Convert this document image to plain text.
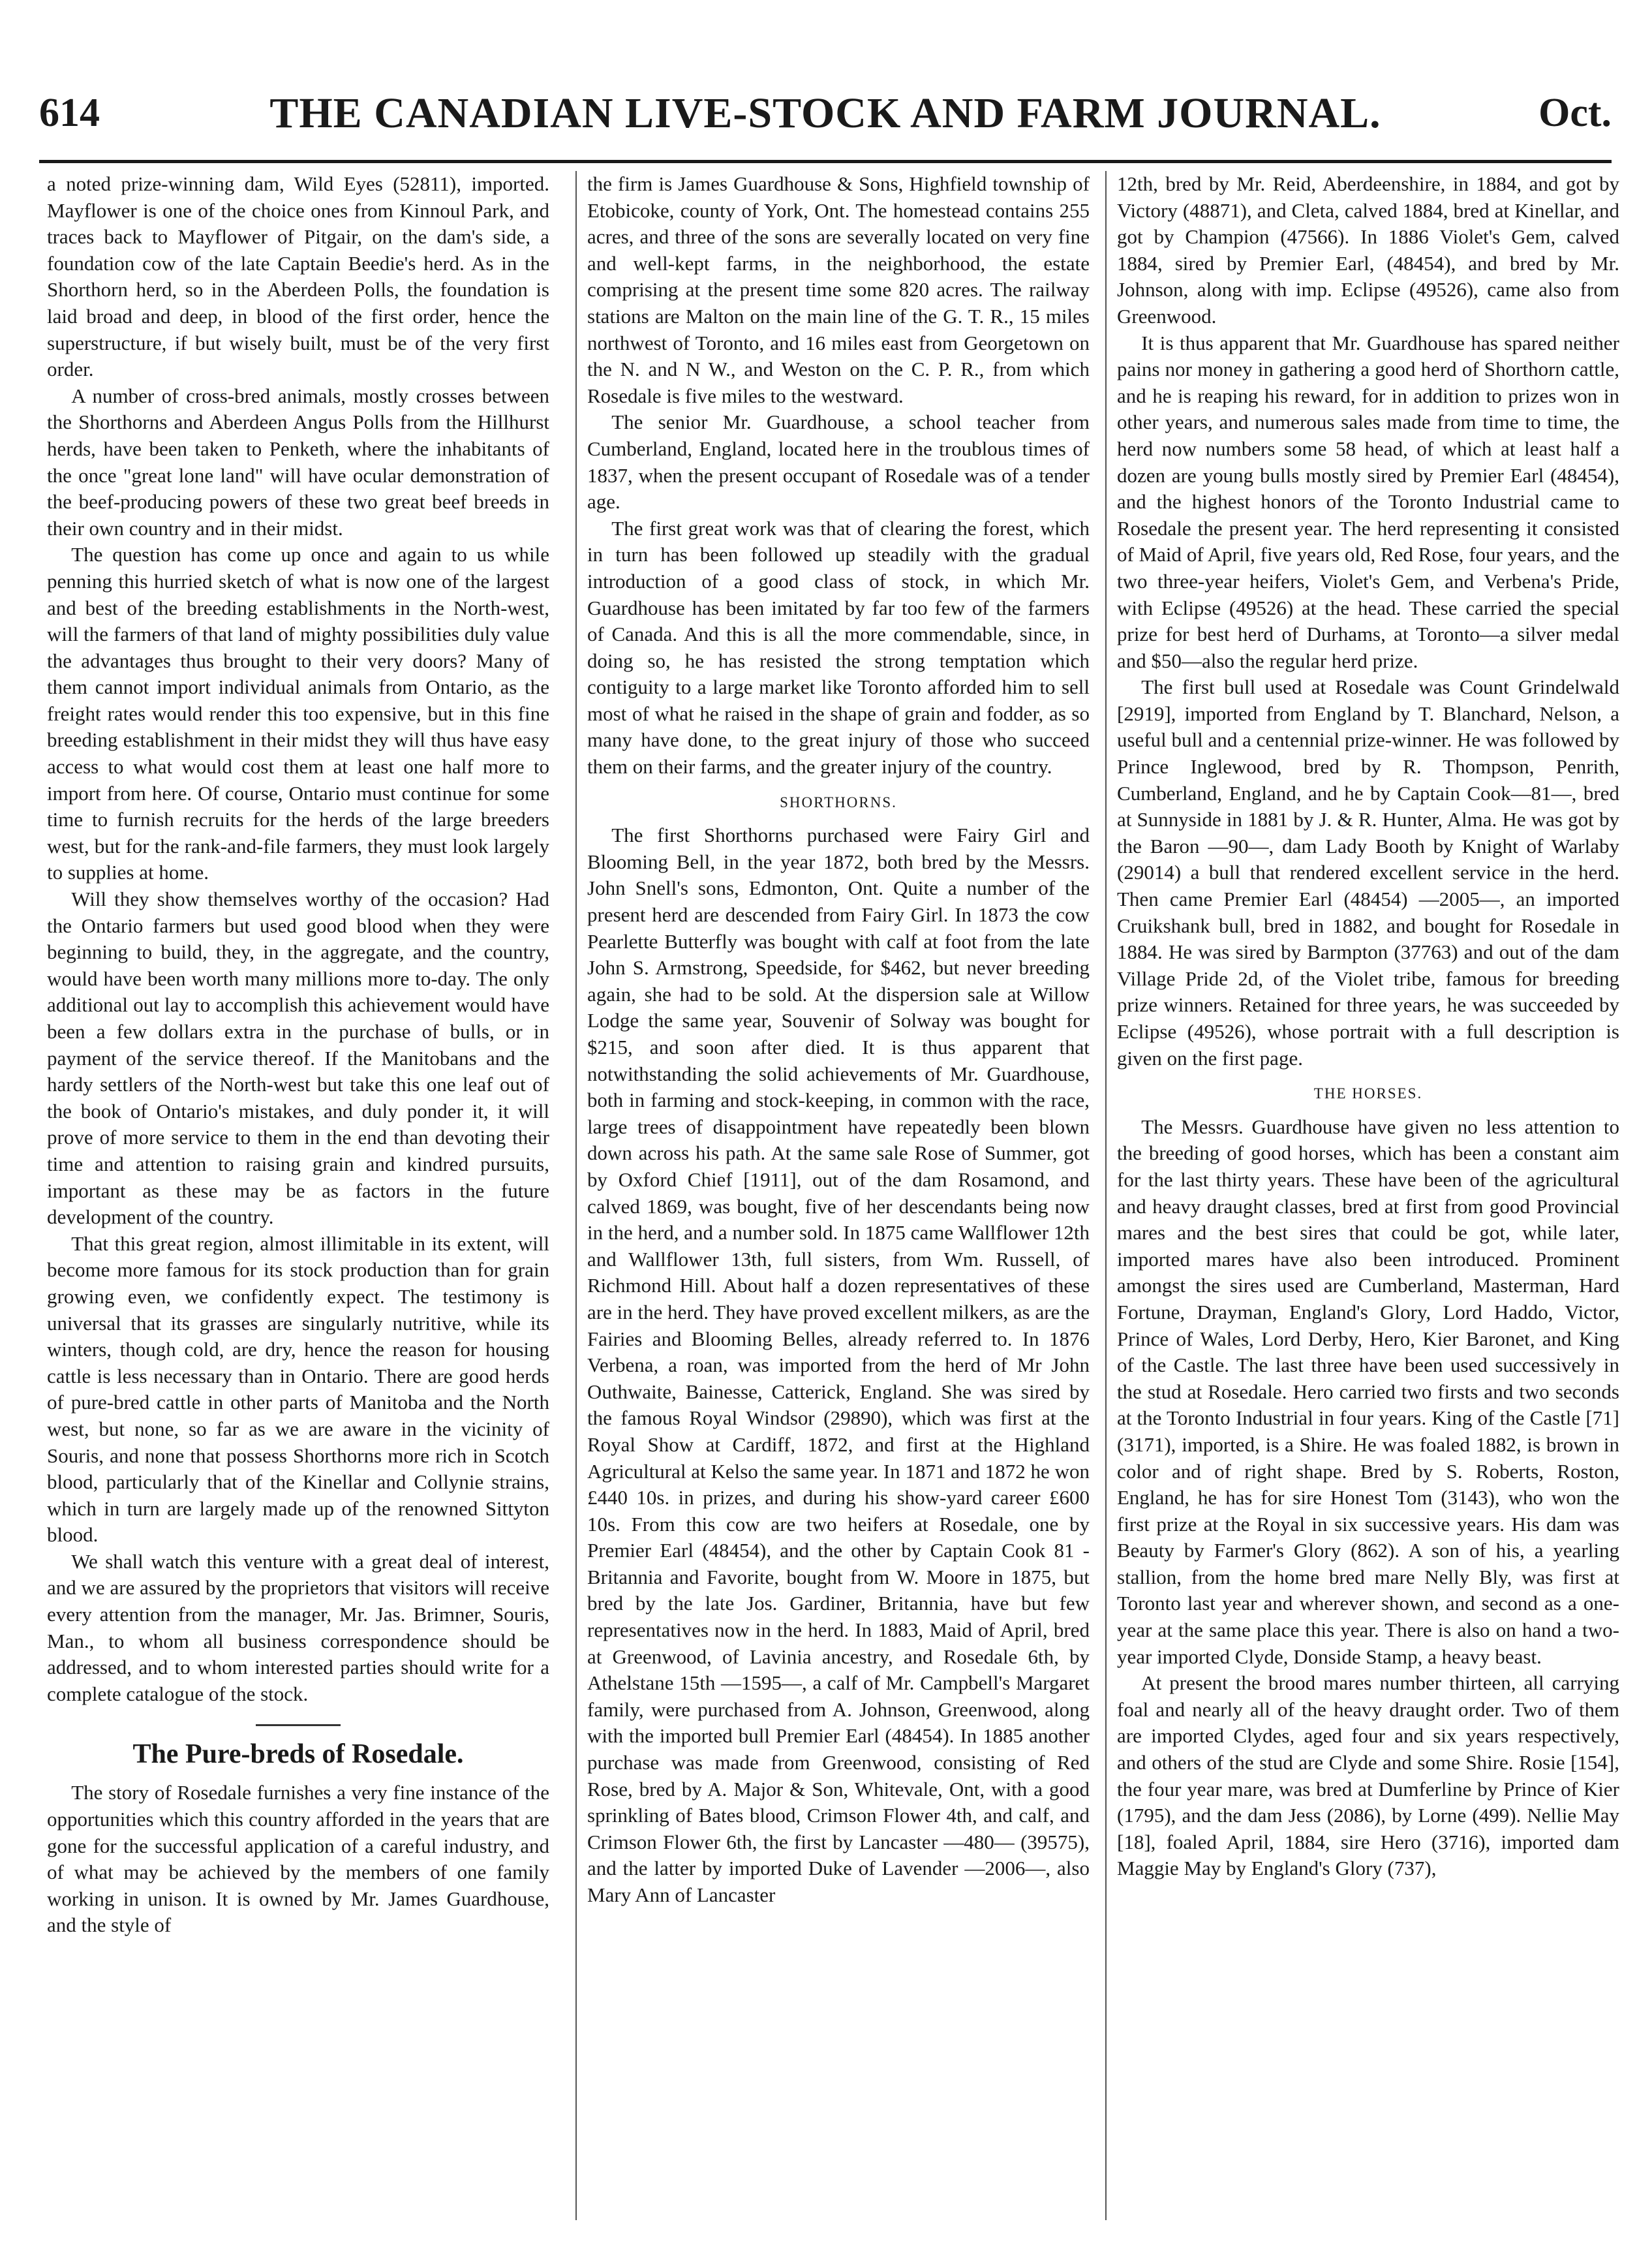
614	THE CANADIAN LIVE-STOCK AND FARM JOURNAL.	Oct.

a noted prize-winning dam, Wild Eyes (52811), imported. Mayflower is one of the choice ones from Kinnoul Park, and traces back to Mayflower of Pitgair, on the dam's side, a foundation cow of the late Captain Beedie's herd. As in the Shorthorn herd, so in the Aberdeen Polls, the foundation is laid broad and deep, in blood of the first order, hence the superstructure, if but wisely built, must be of the very first order.

A number of cross-bred animals, mostly crosses between the Shorthorns and Aberdeen Angus Polls from the Hillhurst herds, have been taken to Penketh, where the inhabitants of the once "great lone land" will have ocular demonstration of the beef-producing powers of these two great beef breeds in their own country and in their midst.

The question has come up once and again to us while penning this hurried sketch of what is now one of the largest and best of the breeding establishments in the North-west, will the farmers of that land of mighty possibilities duly value the advantages thus brought to their very doors? Many of them cannot import individual animals from Ontario, as the freight rates would render this too expensive, but in this fine breeding establishment in their midst they will thus have easy access to what would cost them at least one half more to import from here. Of course, Ontario must continue for some time to furnish recruits for the herds of the large breeders west, but for the rank-and-file farmers, they must look largely to supplies at home.

Will they show themselves worthy of the occasion? Had the Ontario farmers but used good blood when they were beginning to build, they, in the aggregate, and the country, would have been worth many millions more to-day. The only additional out lay to accomplish this achievement would have been a few dollars extra in the purchase of bulls, or in payment of the service thereof. If the Manitobans and the hardy settlers of the North-west but take this one leaf out of the book of Ontario's mistakes, and duly ponder it, it will prove of more service to them in the end than devoting their time and attention to raising grain and kindred pursuits, important as these may be as factors in the future development of the country.

That this great region, almost illimitable in its extent, will become more famous for its stock production than for grain growing even, we confidently expect. The testimony is universal that its grasses are singularly nutritive, while its winters, though cold, are dry, hence the reason for housing cattle is less necessary than in Ontario. There are good herds of pure-bred cattle in other parts of Manitoba and the North west, but none, so far as we are aware in the vicinity of Souris, and none that possess Shorthorns more rich in Scotch blood, particularly that of the Kinellar and Collynie strains, which in turn are largely made up of the renowned Sittyton blood.

We shall watch this venture with a great deal of interest, and we are assured by the proprietors that visitors will receive every attention from the manager, Mr. Jas. Brimner, Souris, Man., to whom all business correspondence should be addressed, and to whom interested parties should write for a complete catalogue of the stock.

The Pure-breds of Rosedale.

The story of Rosedale furnishes a very fine instance of the opportunities which this country afforded in the years that are gone for the successful application of a careful industry, and of what may be achieved by the members of one family working in unison. It is owned by Mr. James Guardhouse, and the style of

the firm is James Guardhouse & Sons, Highfield township of Etobicoke, county of York, Ont. The homestead contains 255 acres, and three of the sons are severally located on very fine and well-kept farms, in the neighborhood, the estate comprising at the present time some 820 acres. The railway stations are Malton on the main line of the G. T. R., 15 miles northwest of Toronto, and 16 miles east from Georgetown on the N. and N W., and Weston on the C. P. R., from which Rosedale is five miles to the westward.

The senior Mr. Guardhouse, a school teacher from Cumberland, England, located here in the troublous times of 1837, when the present occupant of Rosedale was of a tender age.

The first great work was that of clearing the forest, which in turn has been followed up steadily with the gradual introduction of a good class of stock, in which Mr. Guardhouse has been imitated by far too few of the farmers of Canada. And this is all the more commendable, since, in doing so, he has resisted the strong temptation which contiguity to a large market like Toronto afforded him to sell most of what he raised in the shape of grain and fodder, as so many have done, to the great injury of those who succeed them on their farms, and the greater injury of the country.

SHORTHORNS.

The first Shorthorns purchased were Fairy Girl and Blooming Bell, in the year 1872, both bred by the Messrs. John Snell's sons, Edmonton, Ont. Quite a number of the present herd are descended from Fairy Girl. In 1873 the cow Pearlette Butterfly was bought with calf at foot from the late John S. Armstrong, Speedside, for $462, but never breeding again, she had to be sold. At the dispersion sale at Willow Lodge the same year, Souvenir of Solway was bought for $215, and soon after died. It is thus apparent that notwithstanding the solid achievements of Mr. Guardhouse, both in farming and stock-keeping, in common with the race, large trees of disappointment have repeatedly been blown down across his path. At the same sale Rose of Summer, got by Oxford Chief [1911], out of the dam Rosamond, and calved 1869, was bought, five of her descendants being now in the herd, and a number sold. In 1875 came Wallflower 12th and Wallflower 13th, full sisters, from Wm. Russell, of Richmond Hill. About half a dozen representatives of these are in the herd. They have proved excellent milkers, as are the Fairies and Blooming Belles, already referred to. In 1876 Verbena, a roan, was imported from the herd of Mr John Outhwaite, Bainesse, Catterick, England. She was sired by the famous Royal Windsor (29890), which was first at the Royal Show at Cardiff, 1872, and first at the Highland Agricultural at Kelso the same year. In 1871 and 1872 he won £440 10s. in prizes, and during his show-yard career £600 10s. From this cow are two heifers at Rosedale, one by Premier Earl (48454), and the other by Captain Cook 81 - Britannia and Favorite, bought from W. Moore in 1875, but bred by the late Jos. Gardiner, Britannia, have but few representatives now in the herd. In 1883, Maid of April, bred at Greenwood, of Lavinia ancestry, and Rosedale 6th, by Athelstane 15th —1595—, a calf of Mr. Campbell's Margaret family, were purchased from A. Johnson, Greenwood, along with the imported bull Premier Earl (48454). In 1885 another purchase was made from Greenwood, consisting of Red Rose, bred by A. Major & Son, Whitevale, Ont, with a good sprinkling of Bates blood, Crimson Flower 4th, and calf, and Crimson Flower 6th, the first by Lancaster —480— (39575), and the latter by imported Duke of Lavender —2006—, also Mary Ann of Lancaster

12th, bred by Mr. Reid, Aberdeenshire, in 1884, and got by Victory (48871), and Cleta, calved 1884, bred at Kinellar, and got by Champion (47566). In 1886 Violet's Gem, calved 1884, sired by Premier Earl, (48454), and bred by Mr. Johnson, along with imp. Eclipse (49526), came also from Greenwood.

It is thus apparent that Mr. Guardhouse has spared neither pains nor money in gathering a good herd of Shorthorn cattle, and he is reaping his reward, for in addition to prizes won in other years, and numerous sales made from time to time, the herd now numbers some 58 head, of which at least half a dozen are young bulls mostly sired by Premier Earl (48454), and the highest honors of the Toronto Industrial came to Rosedale the present year. The herd representing it consisted of Maid of April, five years old, Red Rose, four years, and the two three-year heifers, Violet's Gem, and Verbena's Pride, with Eclipse (49526) at the head. These carried the special prize for best herd of Durhams, at Toronto—a silver medal and $50—also the regular herd prize.

The first bull used at Rosedale was Count Grindelwald [2919], imported from England by T. Blanchard, Nelson, a useful bull and a centennial prize-winner. He was followed by Prince Inglewood, bred by R. Thompson, Penrith, Cumberland, England, and he by Captain Cook—81—, bred at Sunnyside in 1881 by J. & R. Hunter, Alma. He was got by the Baron —90—, dam Lady Booth by Knight of Warlaby (29014) a bull that rendered excellent service in the herd. Then came Premier Earl (48454) —2005—, an imported Cruikshank bull, bred in 1882, and bought for Rosedale in 1884. He was sired by Barmpton (37763) and out of the dam Village Pride 2d, of the Violet tribe, famous for breeding prize winners. Retained for three years, he was succeeded by Eclipse (49526), whose portrait with a full description is given on the first page.

THE HORSES.

The Messrs. Guardhouse have given no less attention to the breeding of good horses, which has been a constant aim for the last thirty years. These have been of the agricultural and heavy draught classes, bred at first from good Provincial mares and the best sires that could be got, while later, imported mares have also been introduced. Prominent amongst the sires used are Cumberland, Masterman, Hard Fortune, Drayman, England's Glory, Lord Haddo, Victor, Prince of Wales, Lord Derby, Hero, Kier Baronet, and King of the Castle. The last three have been used successively in the stud at Rosedale. Hero carried two firsts and two seconds at the Toronto Industrial in four years. King of the Castle [71] (3171), imported, is a Shire. He was foaled 1882, is brown in color and of right shape. Bred by S. Roberts, Roston, England, he has for sire Honest Tom (3143), who won the first prize at the Royal in six successive years. His dam was Beauty by Farmer's Glory (862). A son of his, a yearling stallion, from the home bred mare Nelly Bly, was first at Toronto last year and wherever shown, and second as a one-year at the same place this year. There is also on hand a two-year imported Clyde, Donside Stamp, a heavy beast.

At present the brood mares number thirteen, all carrying foal and nearly all of the heavy draught order. Two of them are imported Clydes, aged four and six years respectively, and others of the stud are Clyde and some Shire. Rosie [154], the four year mare, was bred at Dumferline by Prince of Kier (1795), and the dam Jess (2086), by Lorne (499). Nellie May [18], foaled April, 1884, sire Hero (3716), imported dam Maggie May by England's Glory (737),
